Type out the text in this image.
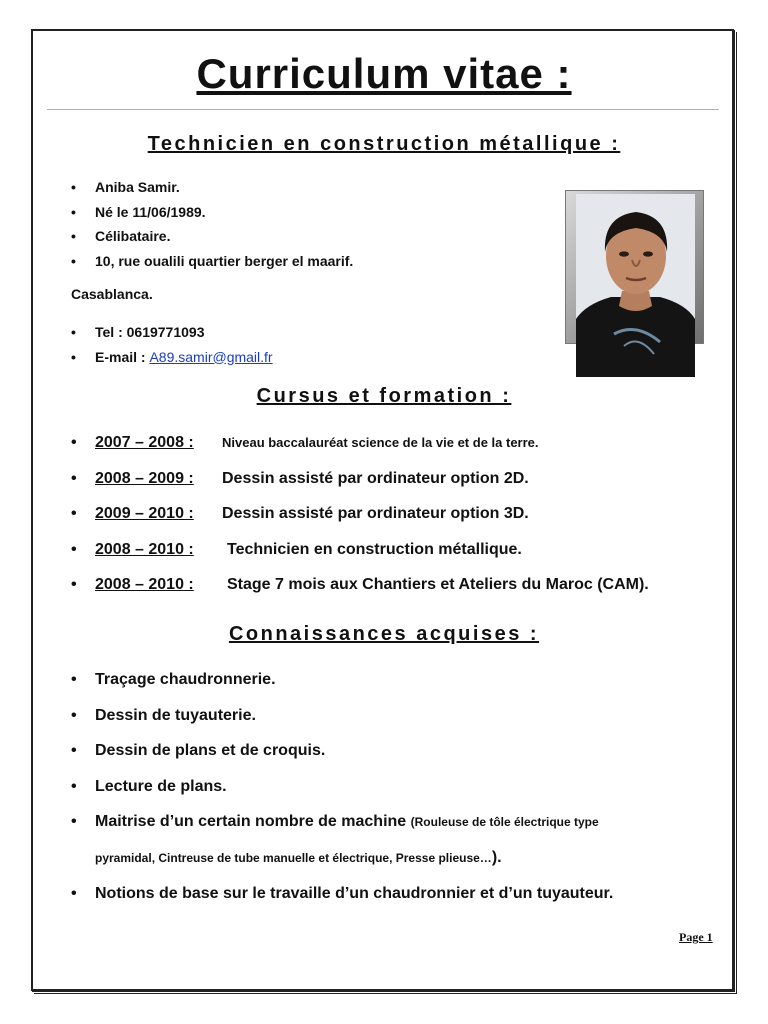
Curriculum vitae :
Technicien en construction métallique :
• Aniba Samir.
• Né le 11/06/1989.
• Célibataire.
• 10, rue oualili quartier berger el maarif.
Casablanca.
• Tel : 0619771093
• E-mail : A89.samir@gmail.fr
Cursus et formation :
• 2007 – 2008 : Niveau baccalauréat science de la vie et de la terre.
• 2008 – 2009 : Dessin assisté par ordinateur option 2D.
• 2009 – 2010 : Dessin assisté par ordinateur option 3D.
• 2008 – 2010 : Technicien en construction métallique.
• 2008 – 2010 : Stage 7 mois aux Chantiers et Ateliers du Maroc (CAM).
Connaissances acquises :
• Traçage chaudronnerie.
• Dessin de tuyauterie.
• Dessin de plans et de croquis.
• Lecture de plans.
• Maitrise d’un certain nombre de machine (Rouleuse de tôle électrique type
pyramidal, Cintreuse de tube manuelle et électrique, Presse plieuse…).
• Notions de base sur le travaille d’un chaudronnier et d’un tuyauteur.
Page 1
